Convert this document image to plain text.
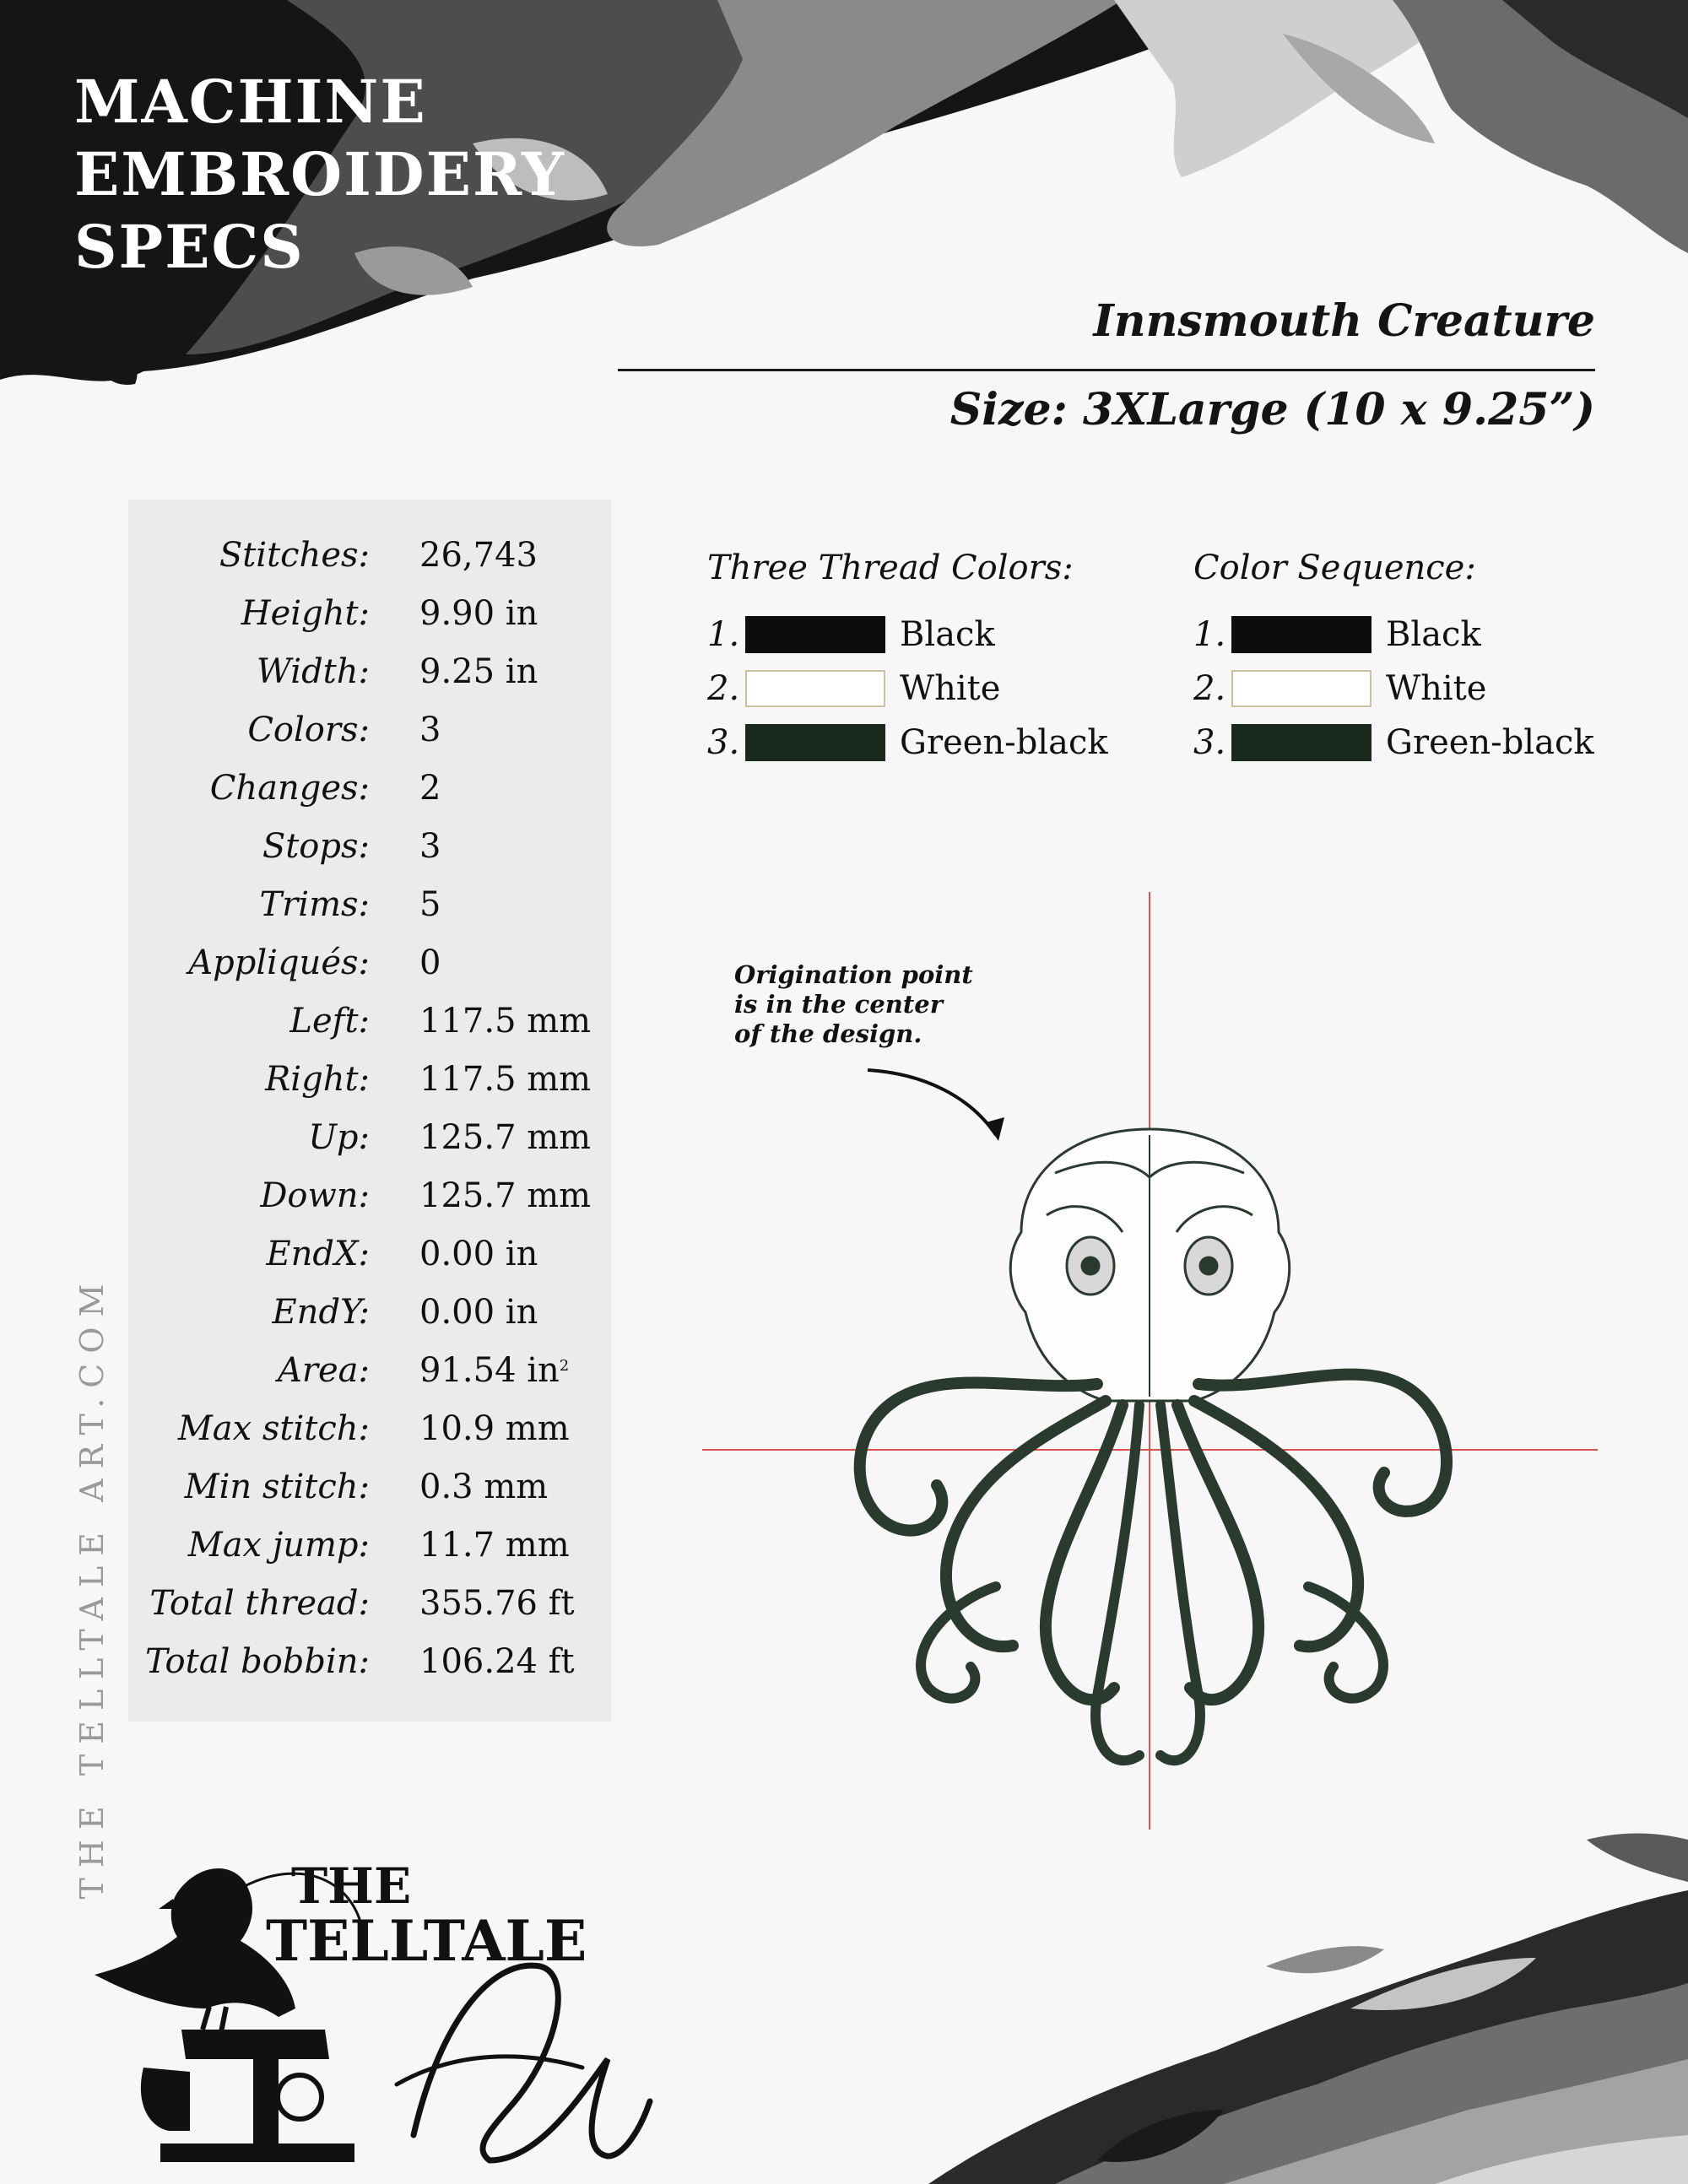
MACHINE
EMBROIDERY
SPECS
Innsmouth Creature
Size: 3XLarge (10 x 9.25”)
Stitches: 26,743
Height: 9.90 in
Width: 9.25 in
Colors: 3
Changes: 2
Stops: 3
Trims: 5
Appliqués: 0
Left: 117.5 mm
Right: 117.5 mm
Up: 125.7 mm
Down: 125.7 mm
EndX: 0.00 in
EndY: 0.00 in
Area: 91.54 $in^2$
Max stitch: 10.9 mm
Min stitch: 0.3 mm
Max jump: 11.7 mm
Total thread: 355.76 ft
Total bobbin: 106.24 ft
Three Thread Colors:
1.	Black
2.	White
3.	Green-black
Color Sequence:
1.	Black
2.	White
3.	Green-black

Origination point
is in the center
of the design.

THE TELLTALE ART.COM	THE
TELLTALE
